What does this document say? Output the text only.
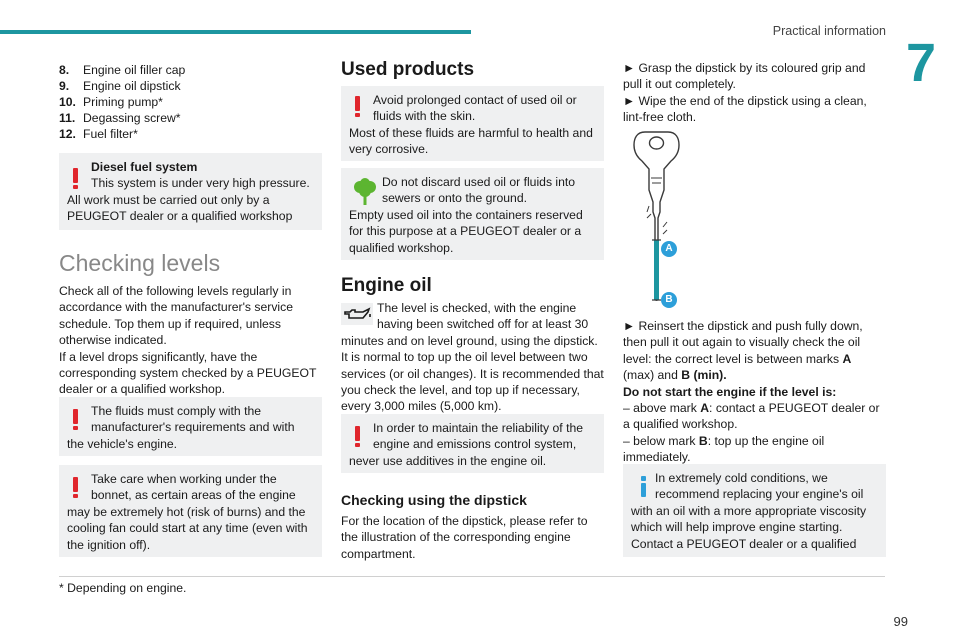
Practical information
7
8.	Engine oil filler cap
9.	Engine oil dipstick
10. Priming pump*
11. Degassing screw*
12. Fuel filter*
Diesel fuel system
This system is under very high pressure.
All work must be carried out only by a PEUGEOT dealer or a qualified workshop
Checking levels
Check all of the following levels regularly in accordance with the manufacturer's service schedule. Top them up if required, unless otherwise indicated.
If a level drops significantly, have the corresponding system checked by a PEUGEOT dealer or a qualified workshop.
The fluids must comply with the manufacturer's requirements and with
the vehicle's engine.
Take care when working under the bonnet, as certain areas of the engine
may be extremely hot (risk of burns) and the cooling fan could start at any time (even with the ignition off).
Used products
Avoid prolonged contact of used oil or fluids with the skin.
Most of these fluids are harmful to health and very corrosive.
Do not discard used oil or fluids into sewers or onto the ground.
Empty used oil into the containers reserved for this purpose at a PEUGEOT dealer or a qualified workshop.
Engine oil
The level is checked, with the engine having been switched off for at least 30
minutes and on level ground, using the dipstick.
It is normal to top up the oil level between two services (or oil changes). It is recommended that you check the level, and top up if necessary, every 3,000 miles (5,000 km).
In order to maintain the reliability of the engine and emissions control system,
never use additives in the engine oil.
Checking using the dipstick
For the location of the dipstick, please refer to the illustration of the corresponding engine compartment.
► Grasp the dipstick by its coloured grip and pull it out completely.
► Wipe the end of the dipstick using a clean, lint-free cloth.
A
B
► Reinsert the dipstick and push fully down, then pull it out again to visually check the oil level: the correct level is between marks A (max) and B (min).
Do not start the engine if the level is:
– above mark A: contact a PEUGEOT dealer or a qualified workshop.
– below mark B: top up the engine oil immediately.
In extremely cold conditions, we recommend replacing your engine's oil
with an oil with a more appropriate viscosity which will help improve engine starting. Contact a PEUGEOT dealer or a qualified
* Depending on engine.
99
